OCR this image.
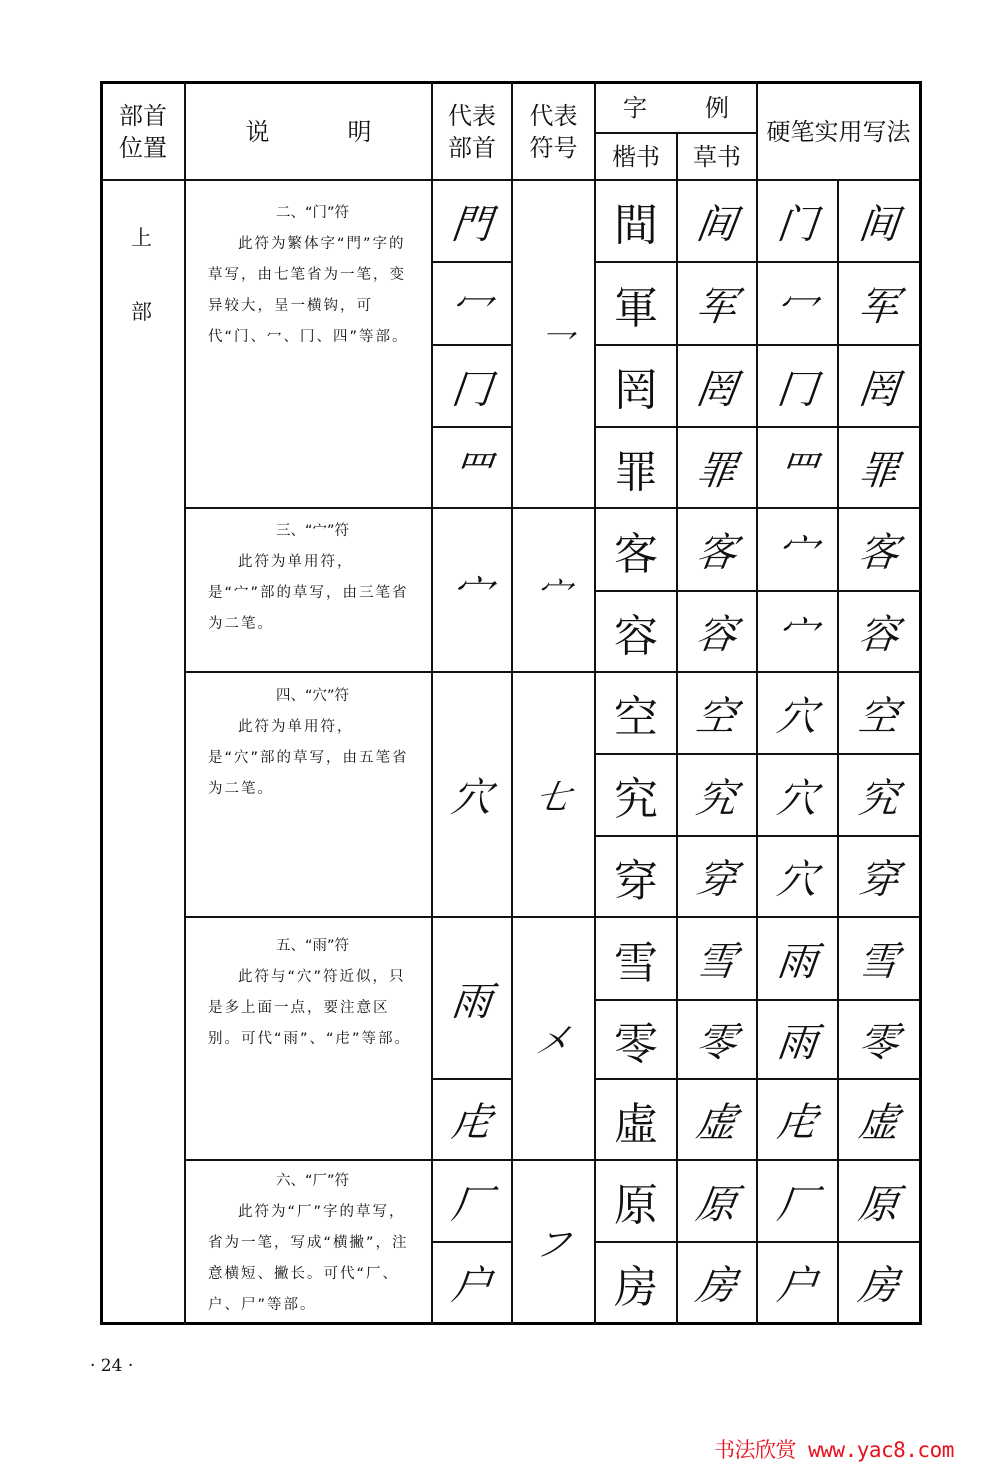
部首
位置
说	明
代表
部首
代表
符号
字 例
楷书	草书
硬笔实用写法
上
部
二、“门”符
此符为繁体字“門”字的草写，由七笔省为一笔，变异较大，呈一横钩，可代“门、冖、冂、四”等部。
三、“宀”符
此符为单用符，是“宀”部的草写，由三笔省为二笔。
四、“穴”符
此符为单用符，是“穴”部的草写，由五笔省为二笔。
五、“雨”符
此符与“穴”符近似，只是多上面一点，要注意区别。可代“雨”、“虍”等部。
六、“厂”符
此符为“厂”字的草写，省为一笔，写成“横撇”，注意横短、撇长。可代“厂、户、尸”等部。
門
冖
冂
罒
宀
穴
雨
虍
厂
户
乛
宀
七
㐅
フ
間 间 门 间
軍 军 冖 军
罔 罔 冂 罔
罪 罪 罒 罪
客 客 宀 客
容 容 宀 容
空 空 穴 空
究 究 穴 究
穿 穿 穴 穿
雪 雪 雨 雪
零 零 雨 零
虛 虚 虍 虚
原 原 厂 原
房 房 户 房
· 24 ·
书法欣赏 www.yac8.com
